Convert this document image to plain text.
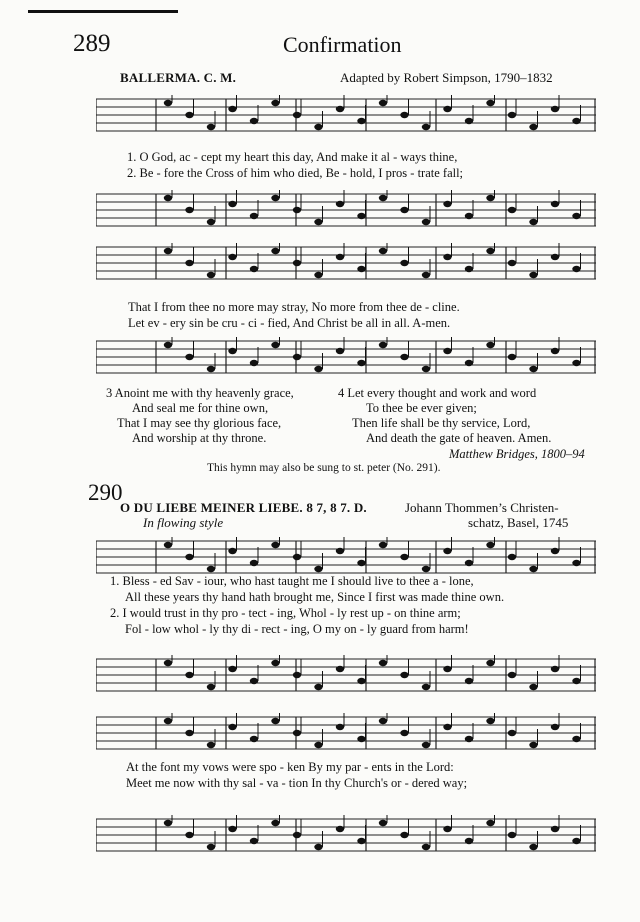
289	Confirmation
BALLERMA. C. M.	Adapted by Robert Simpson, 1790–1832
1. O God, ac - cept my heart this day, And make it al - ways thine,
2. Be - fore the Cross of him who died, Be - hold, I pros - trate fall;
That I from thee no more may stray, No more from thee de - cline.
Let ev - ery sin be cru - ci - fied, And Christ be all in all. A-men.
3 Anoint me with thy heavenly grace,
And seal me for thine own,
That I may see thy glorious face,
And worship at thy throne.
4 Let every thought and work and word
To thee be ever given;
Then life shall be thy service, Lord,
And death the gate of heaven. Amen.
Matthew Bridges, 1800–94
This hymn may also be sung to st. peter (No. 291).
290
O DU LIEBE MEINER LIEBE. 8 7, 8 7. D.	Johann Thommen’s Christen-
schatz, Basel, 1745
In flowing style
1. Bless - ed Sav - iour, who hast taught me I should live to thee a - lone,
All these years thy hand hath brought me, Since I first was made thine own.
2. I would trust in thy pro - tect - ing, Whol - ly rest up - on thine arm;
Fol - low whol - ly thy di - rect - ing, O my on - ly guard from harm!
At the font my vows were spo - ken By my par - ents in the Lord:
Meet me now with thy sal - va - tion In thy Church's or - dered way;
